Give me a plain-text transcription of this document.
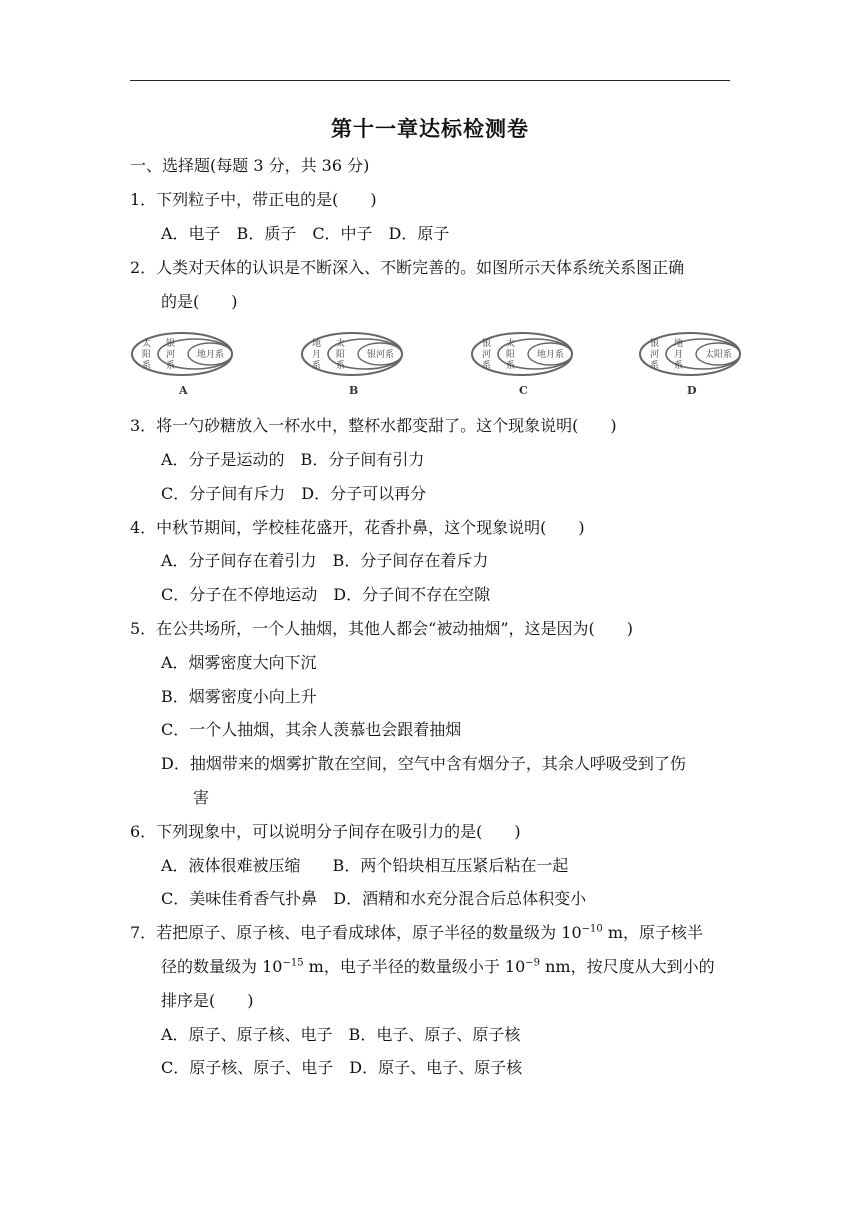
第十一章达标检测卷
一、选择题(每题 3 分，共 36 分)
1．下列粒子中，带正电的是(　　)
A．电子　B．质子　C．中子　D．原子
2．人类对天体的认识是不断深入、不断完善的。如图所示天体系统关系图正确
的是(　　)
太
阳
系
银
河
系
地月系
A
地
月
系
太
阳
系
银河系
B
银
河
系
太
阳
系
地月系
C
银
河
系
地
月
系
太阳系
D
3．将一勺砂糖放入一杯水中，整杯水都变甜了。这个现象说明(　　)
A．分子是运动的　B．分子间有引力
C．分子间有斥力　D．分子可以再分
4．中秋节期间，学校桂花盛开，花香扑鼻，这个现象说明(　　)
A．分子间存在着引力　B．分子间存在着斥力
C．分子在不停地运动　D．分子间不存在空隙
5．在公共场所，一个人抽烟，其他人都会“被动抽烟”，这是因为(　　)
A．烟雾密度大向下沉
B．烟雾密度小向上升
C．一个人抽烟，其余人羡慕也会跟着抽烟
D．抽烟带来的烟雾扩散在空间，空气中含有烟分子，其余人呼吸受到了伤
害
6．下列现象中，可以说明分子间存在吸引力的是(　　)
A．液体很难被压缩　　B．两个铅块相互压紧后粘在一起
C．美味佳肴香气扑鼻　D．酒精和水充分混合后总体积变小
7．若把原子、原子核、电子看成球体，原子半径的数量级为 $10^{-10}$ m，原子核半
径的数量级为 $10^{-15}$ m，电子半径的数量级小于 $10^{-9}$ nm，按尺度从大到小的
排序是(　　)
A．原子、原子核、电子　B．电子、原子、原子核
C．原子核、原子、电子　D．原子、电子、原子核
